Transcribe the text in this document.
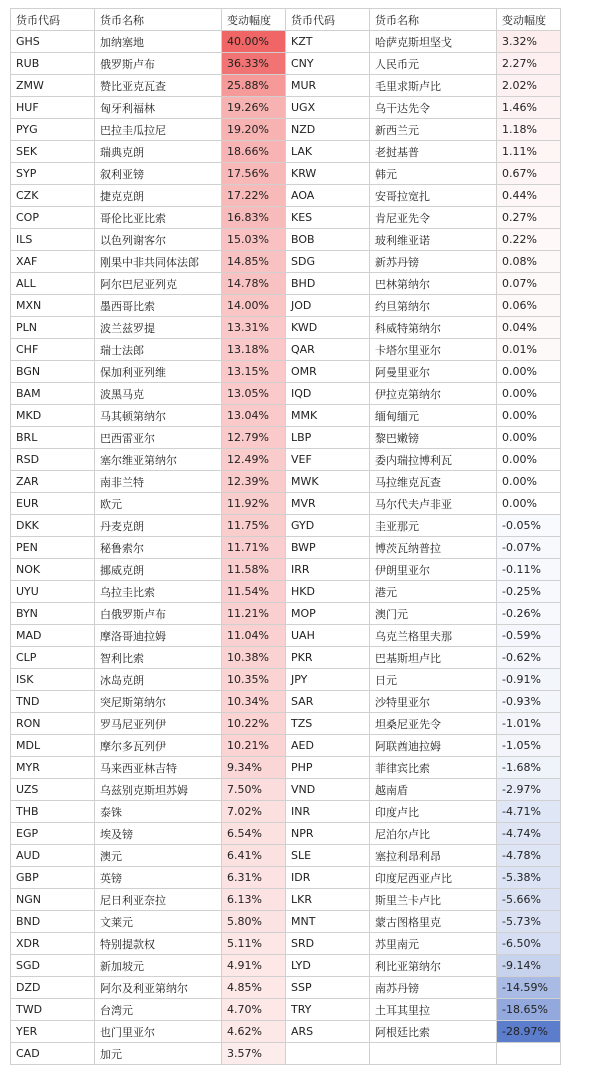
货币代码	货币名称	变动幅度	货币代码	货币名称	变动幅度
GHS	加纳塞地	40.00%	KZT	哈萨克斯坦坚戈	3.32%
RUB	俄罗斯卢布	36.33%	CNY	人民币元	2.27%
ZMW	赞比亚克瓦查	25.88%	MUR	毛里求斯卢比	2.02%
HUF	匈牙利福林	19.26%	UGX	乌干达先令	1.46%
PYG	巴拉圭瓜拉尼	19.20%	NZD	新西兰元	1.18%
SEK	瑞典克朗	18.66%	LAK	老挝基普	1.11%
SYP	叙利亚镑	17.56%	KRW	韩元	0.67%
CZK	捷克克朗	17.22%	AOA	安哥拉宽扎	0.44%
COP	哥伦比亚比索	16.83%	KES	肯尼亚先令	0.27%
ILS	以色列谢客尔	15.03%	BOB	玻利维亚诺	0.22%
XAF	刚果中非共同体法郎	14.85%	SDG	新苏丹镑	0.08%
ALL	阿尔巴尼亚列克	14.78%	BHD	巴林第纳尔	0.07%
MXN	墨西哥比索	14.00%	JOD	约旦第纳尔	0.06%
PLN	波兰兹罗提	13.31%	KWD	科威特第纳尔	0.04%
CHF	瑞士法郎	13.18%	QAR	卡塔尔里亚尔	0.01%
BGN	保加利亚列维	13.15%	OMR	阿曼里亚尔	0.00%
BAM	波黑马克	13.05%	IQD	伊拉克第纳尔	0.00%
MKD	马其顿第纳尔	13.04%	MMK	缅甸缅元	0.00%
BRL	巴西雷亚尔	12.79%	LBP	黎巴嫩镑	0.00%
RSD	塞尔维亚第纳尔	12.49%	VEF	委内瑞拉博利瓦	0.00%
ZAR	南非兰特	12.39%	MWK	马拉维克瓦查	0.00%
EUR	欧元	11.92%	MVR	马尔代夫卢非亚	0.00%
DKK	丹麦克朗	11.75%	GYD	圭亚那元	-0.05%
PEN	秘鲁索尔	11.71%	BWP	博茨瓦纳普拉	-0.07%
NOK	挪威克朗	11.58%	IRR	伊朗里亚尔	-0.11%
UYU	乌拉圭比索	11.54%	HKD	港元	-0.25%
BYN	白俄罗斯卢布	11.21%	MOP	澳门元	-0.26%
MAD	摩洛哥迪拉姆	11.04%	UAH	乌克兰格里夫那	-0.59%
CLP	智利比索	10.38%	PKR	巴基斯坦卢比	-0.62%
ISK	冰岛克朗	10.35%	JPY	日元	-0.91%
TND	突尼斯第纳尔	10.34%	SAR	沙特里亚尔	-0.93%
RON	罗马尼亚列伊	10.22%	TZS	坦桑尼亚先令	-1.01%
MDL	摩尔多瓦列伊	10.21%	AED	阿联酋迪拉姆	-1.05%
MYR	马来西亚林吉特	9.34%	PHP	菲律宾比索	-1.68%
UZS	乌兹别克斯坦苏姆	7.50%	VND	越南盾	-2.97%
THB	泰铢	7.02%	INR	印度卢比	-4.71%
EGP	埃及镑	6.54%	NPR	尼泊尔卢比	-4.74%
AUD	澳元	6.41%	SLE	塞拉利昂利昂	-4.78%
GBP	英镑	6.31%	IDR	印度尼西亚卢比	-5.38%
NGN	尼日利亚奈拉	6.13%	LKR	斯里兰卡卢比	-5.66%
BND	文莱元	5.80%	MNT	蒙古图格里克	-5.73%
XDR	特别提款权	5.11%	SRD	苏里南元	-6.50%
SGD	新加坡元	4.91%	LYD	利比亚第纳尔	-9.14%
DZD	阿尔及利亚第纳尔	4.85%	SSP	南苏丹镑	-14.59%
TWD	台湾元	4.70%	TRY	土耳其里拉	-18.65%
YER	也门里亚尔	4.62%	ARS	阿根廷比索	-28.97%
CAD	加元	3.57%			
